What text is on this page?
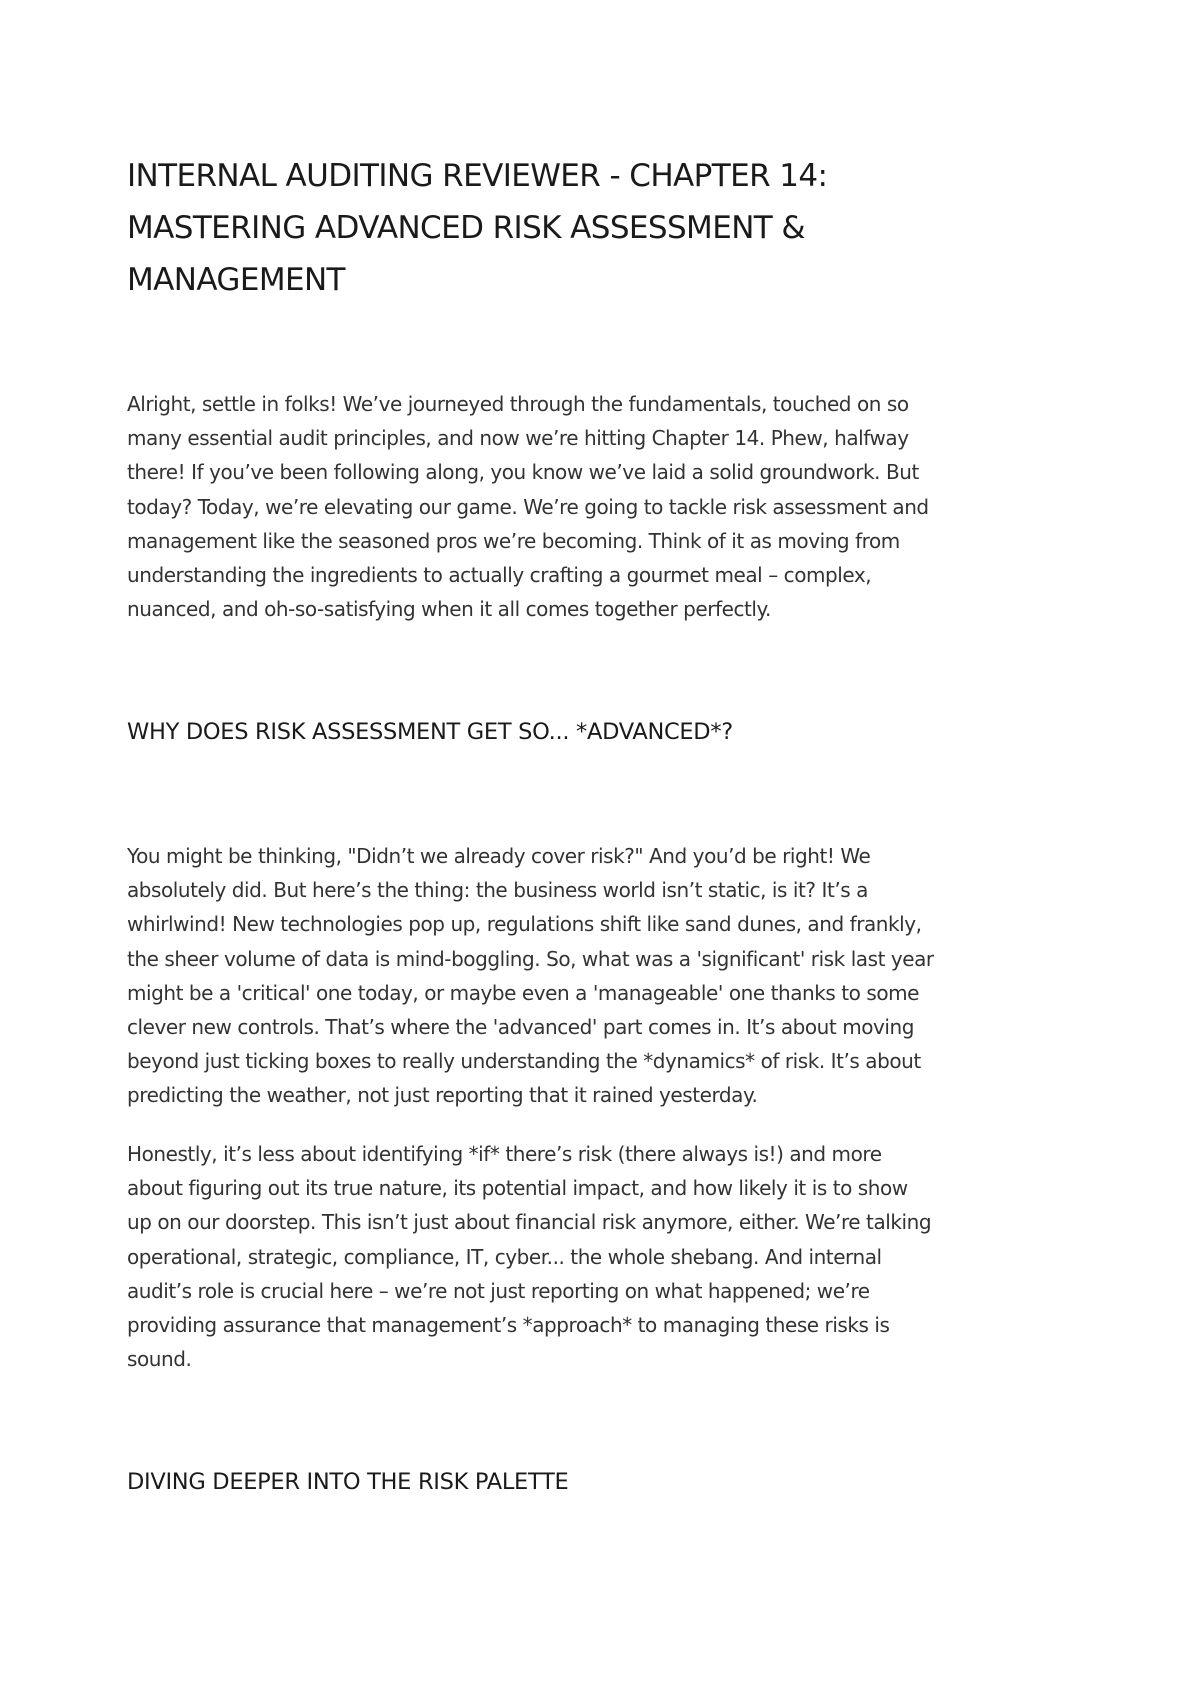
INTERNAL AUDITING REVIEWER - CHAPTER 14:
MASTERING ADVANCED RISK ASSESSMENT &
MANAGEMENT

Alright, settle in folks! We’ve journeyed through the fundamentals, touched on so
many essential audit principles, and now we’re hitting Chapter 14. Phew, halfway
there! If you’ve been following along, you know we’ve laid a solid groundwork. But
today? Today, we’re elevating our game. We’re going to tackle risk assessment and
management like the seasoned pros we’re becoming. Think of it as moving from
understanding the ingredients to actually crafting a gourmet meal – complex,
nuanced, and oh-so-satisfying when it all comes together perfectly.

WHY DOES RISK ASSESSMENT GET SO... *ADVANCED*?

You might be thinking, "Didn’t we already cover risk?" And you’d be right! We
absolutely did. But here’s the thing: the business world isn’t static, is it? It’s a
whirlwind! New technologies pop up, regulations shift like sand dunes, and frankly,
the sheer volume of data is mind-boggling. So, what was a 'significant' risk last year
might be a 'critical' one today, or maybe even a 'manageable' one thanks to some
clever new controls. That’s where the 'advanced' part comes in. It’s about moving
beyond just ticking boxes to really understanding the *dynamics* of risk. It’s about
predicting the weather, not just reporting that it rained yesterday.

Honestly, it’s less about identifying *if* there’s risk (there always is!) and more
about figuring out its true nature, its potential impact, and how likely it is to show
up on our doorstep. This isn’t just about financial risk anymore, either. We’re talking
operational, strategic, compliance, IT, cyber... the whole shebang. And internal
audit’s role is crucial here – we’re not just reporting on what happened; we’re
providing assurance that management’s *approach* to managing these risks is
sound.

DIVING DEEPER INTO THE RISK PALETTE
